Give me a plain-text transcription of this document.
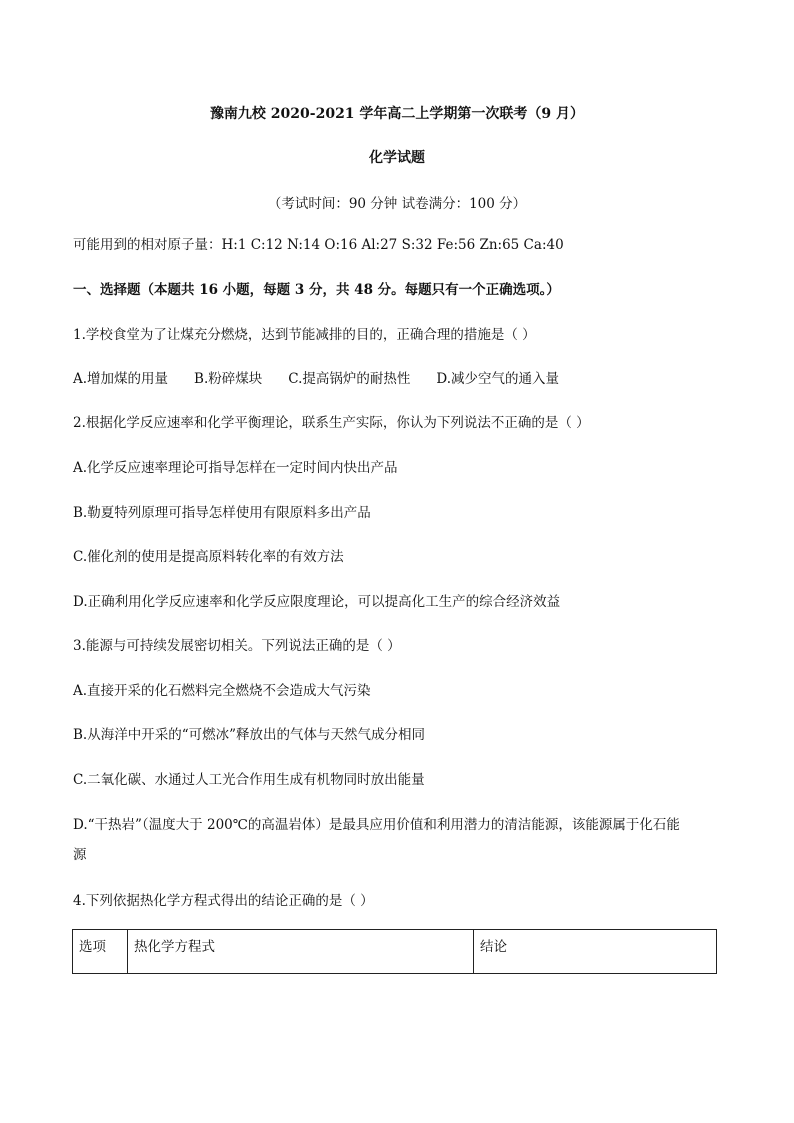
豫南九校 2020-2021 学年高二上学期第一次联考（9 月）
化学试题
（考试时间：90 分钟 试卷满分：100 分）
可能用到的相对原子量：H:1 C:12 N:14 O:16 Al:27 S:32 Fe:56 Zn:65 Ca:40
一、选择题（本题共 16 小题，每题 3 分，共 48 分。每题只有一个正确选项。）
1.学校食堂为了让煤充分燃烧，达到节能减排的目的，正确合理的措施是（ ）
A.增加煤的用量 B.粉碎煤块 C.提高锅炉的耐热性 D.减少空气的通入量
2.根据化学反应速率和化学平衡理论，联系生产实际，你认为下列说法不正确的是（ ）
A.化学反应速率理论可指导怎样在一定时间内快出产品
B.勒夏特列原理可指导怎样使用有限原料多出产品
C.催化剂的使用是提高原料转化率的有效方法
D.正确利用化学反应速率和化学反应限度理论，可以提高化工生产的综合经济效益
3.能源与可持续发展密切相关。下列说法正确的是（ ）
A.直接开采的化石燃料完全燃烧不会造成大气污染
B.从海洋中开采的“可燃冰”释放出的气体与天然气成分相同
C.二氧化碳、水通过人工光合作用生成有机物同时放出能量
D.“干热岩”（温度大于 200℃的高温岩体）是最具应用价值和利用潜力的清洁能源，该能源属于化石能
源
4.下列依据热化学方程式得出的结论正确的是（ ）
选项	热化学方程式	结论
